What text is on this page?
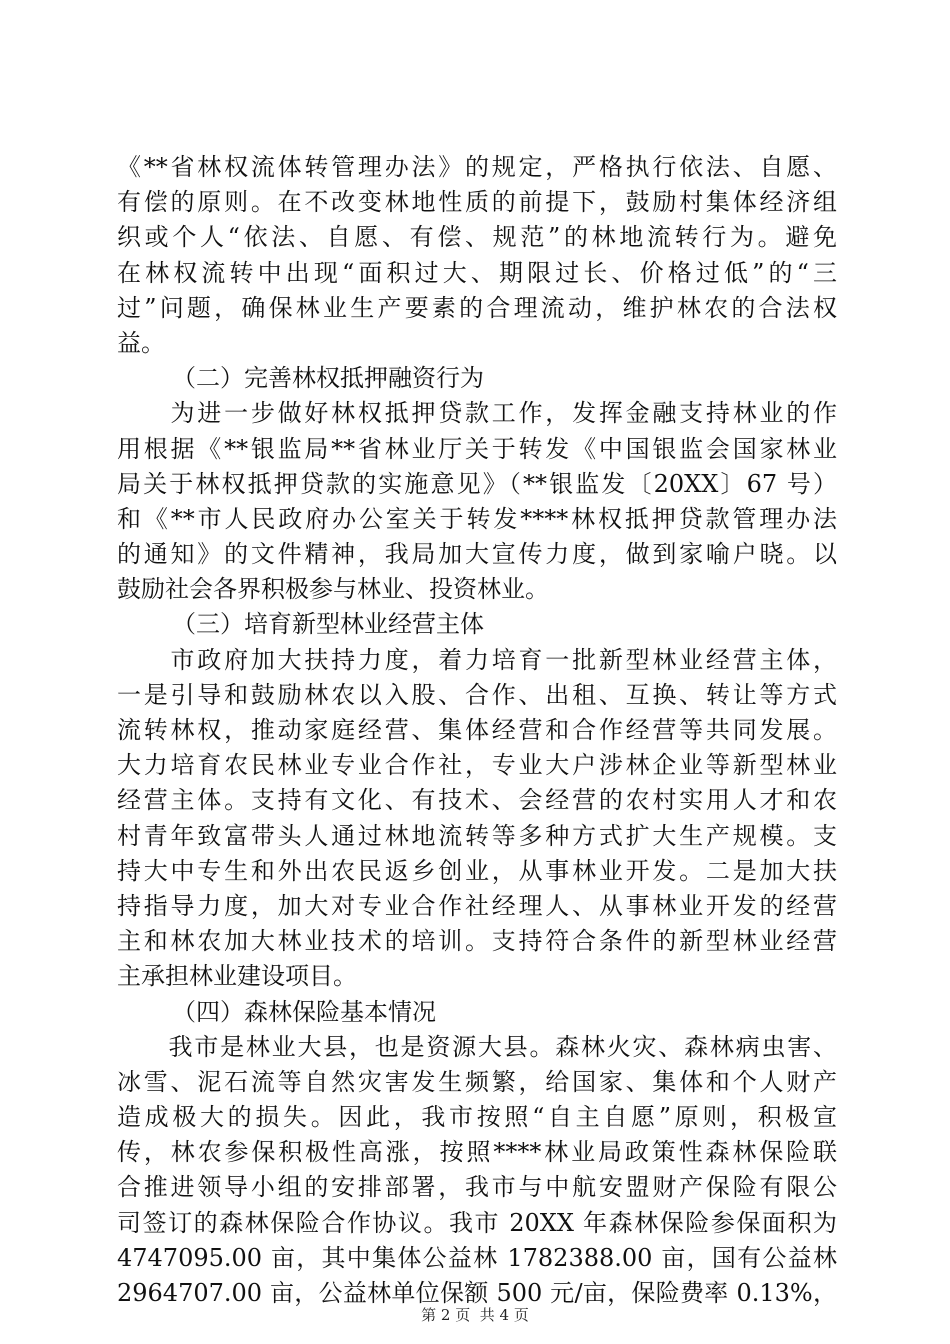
《**省林权流体转管理办法》的规定，严格执行依法、自愿、
有偿的原则。在不改变林地性质的前提下，鼓励村集体经济组
织或个人“依法、自愿、有偿、规范”的林地流转行为。避免
在林权流转中出现“面积过大、期限过长、价格过低”的“三
过”问题，确保林业生产要素的合理流动，维护林农的合法权
益。
（二）完善林权抵押融资行为
　　为进一步做好林权抵押贷款工作，发挥金融支持林业的作
用根据《**银监局**省林业厅关于转发《中国银监会国家林业
局关于林权抵押贷款的实施意见》（**银监发〔20XX〕67 号）
和《**市人民政府办公室关于转发****林权抵押贷款管理办法
的通知》的文件精神，我局加大宣传力度，做到家喻户晓。以
鼓励社会各界积极参与林业、投资林业。
（三）培育新型林业经营主体
　　市政府加大扶持力度，着力培育一批新型林业经营主体，
一是引导和鼓励林农以入股、合作、出租、互换、转让等方式
流转林权，推动家庭经营、集体经营和合作经营等共同发展。
大力培育农民林业专业合作社，专业大户涉林企业等新型林业
经营主体。支持有文化、有技术、会经营的农村实用人才和农
村青年致富带头人通过林地流转等多种方式扩大生产规模。支
持大中专生和外出农民返乡创业，从事林业开发。二是加大扶
持指导力度，加大对专业合作社经理人、从事林业开发的经营
主和林农加大林业技术的培训。支持符合条件的新型林业经营
主承担林业建设项目。
（四）森林保险基本情况
　　我市是林业大县，也是资源大县。森林火灾、森林病虫害、
冰雪、泥石流等自然灾害发生频繁，给国家、集体和个人财产
造成极大的损失。因此，我市按照“自主自愿”原则，积极宣
传，林农参保积极性高涨，按照****林业局政策性森林保险联
合推进领导小组的安排部署，我市与中航安盟财产保险有限公
司签订的森林保险合作协议。我市 20XX 年森林保险参保面积为
4747095.00 亩，其中集体公益林 1782388.00 亩，国有公益林
2964707.00 亩，公益林单位保额 500 元/亩，保险费率 0.13%，
第 2 页  共 4 页
